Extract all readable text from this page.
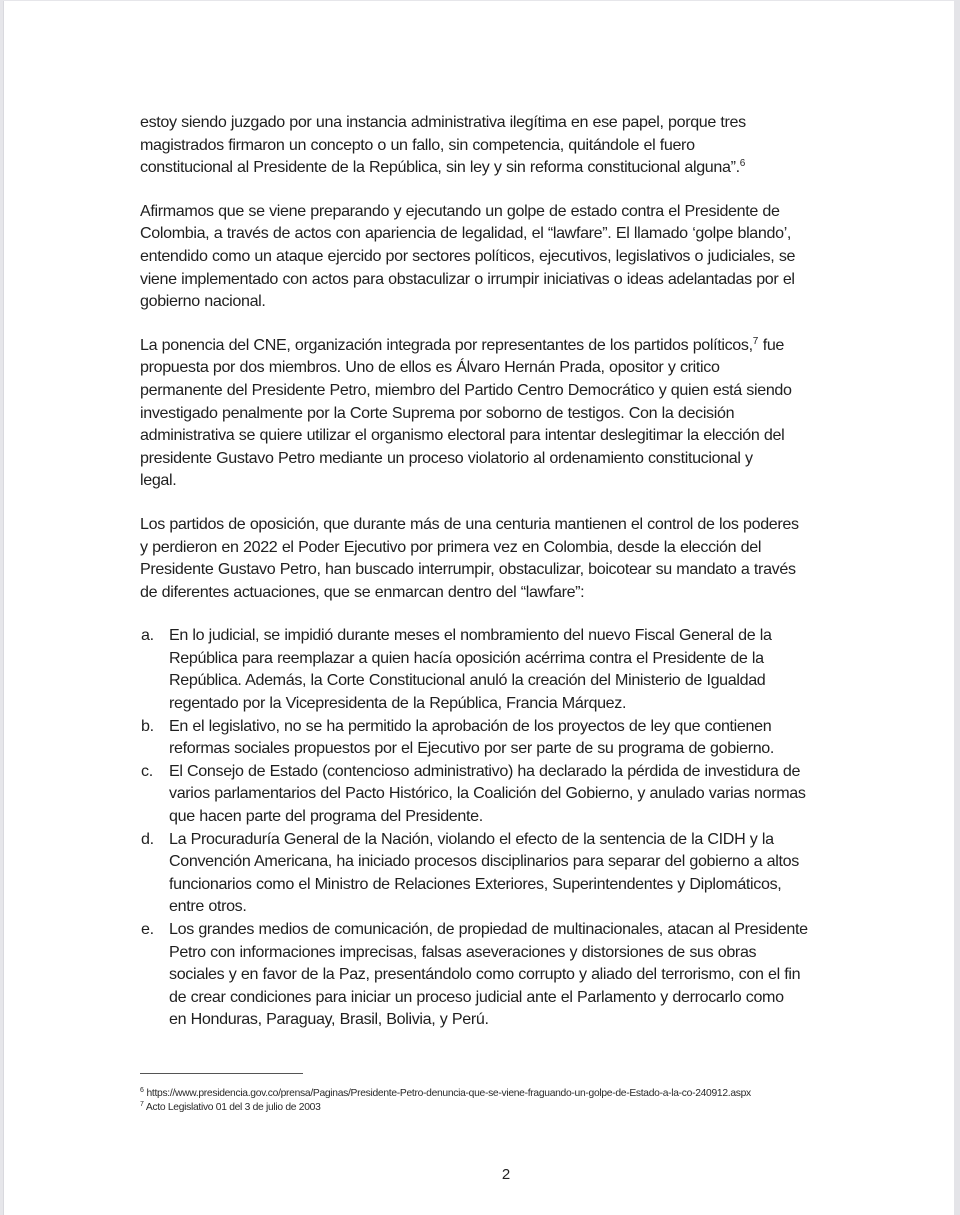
estoy siendo juzgado por una instancia administrativa ilegítima en ese papel, porque tres
magistrados firmaron un concepto o un fallo, sin competencia, quitándole el fuero
constitucional al Presidente de la República, sin ley y sin reforma constitucional alguna”.$^6$

Afirmamos que se viene preparando y ejecutando un golpe de estado contra el Presidente de
Colombia, a través de actos con apariencia de legalidad, el “lawfare”. El llamado ‘golpe blando’,
entendido como un ataque ejercido por sectores políticos, ejecutivos, legislativos o judiciales, se
viene implementado con actos para obstaculizar o irrumpir iniciativas o ideas adelantadas por el
gobierno nacional.

La ponencia del CNE, organización integrada por representantes de los partidos políticos,$^7$ fue
propuesta por dos miembros. Uno de ellos es Álvaro Hernán Prada, opositor y critico
permanente del Presidente Petro, miembro del Partido Centro Democrático y quien está siendo
investigado penalmente por la Corte Suprema por soborno de testigos. Con la decisión
administrativa se quiere utilizar el organismo electoral para intentar deslegitimar la elección del
presidente Gustavo Petro mediante un proceso violatorio al ordenamiento constitucional y
legal.

Los partidos de oposición, que durante más de una centuria mantienen el control de los poderes
y perdieron en 2022 el Poder Ejecutivo por primera vez en Colombia, desde la elección del
Presidente Gustavo Petro, han buscado interrumpir, obstaculizar, boicotear su mandato a través
de diferentes actuaciones, que se enmarcan dentro del “lawfare”:

a. En lo judicial, se impidió durante meses el nombramiento del nuevo Fiscal General de la
República para reemplazar a quien hacía oposición acérrima contra el Presidente de la
República. Además, la Corte Constitucional anuló la creación del Ministerio de Igualdad
regentado por la Vicepresidenta de la República, Francia Márquez.
b. En el legislativo, no se ha permitido la aprobación de los proyectos de ley que contienen
reformas sociales propuestos por el Ejecutivo por ser parte de su programa de gobierno.
c. El Consejo de Estado (contencioso administrativo) ha declarado la pérdida de investidura de
varios parlamentarios del Pacto Histórico, la Coalición del Gobierno, y anulado varias normas
que hacen parte del programa del Presidente.
d. La Procuraduría General de la Nación, violando el efecto de la sentencia de la CIDH y la
Convención Americana, ha iniciado procesos disciplinarios para separar del gobierno a altos
funcionarios como el Ministro de Relaciones Exteriores, Superintendentes y Diplomáticos,
entre otros.
e. Los grandes medios de comunicación, de propiedad de multinacionales, atacan al Presidente
Petro con informaciones imprecisas, falsas aseveraciones y distorsiones de sus obras
sociales y en favor de la Paz, presentándolo como corrupto y aliado del terrorismo, con el fin
de crear condiciones para iniciar un proceso judicial ante el Parlamento y derrocarlo como
en Honduras, Paraguay, Brasil, Bolivia, y Perú.
$^6$ https://www.presidencia.gov.co/prensa/Paginas/Presidente-Petro-denuncia-que-se-viene-fraguando-un-golpe-de-Estado-a-la-co-240912.aspx
$^7$ Acto Legislativo 01 del 3 de julio de 2003
2
